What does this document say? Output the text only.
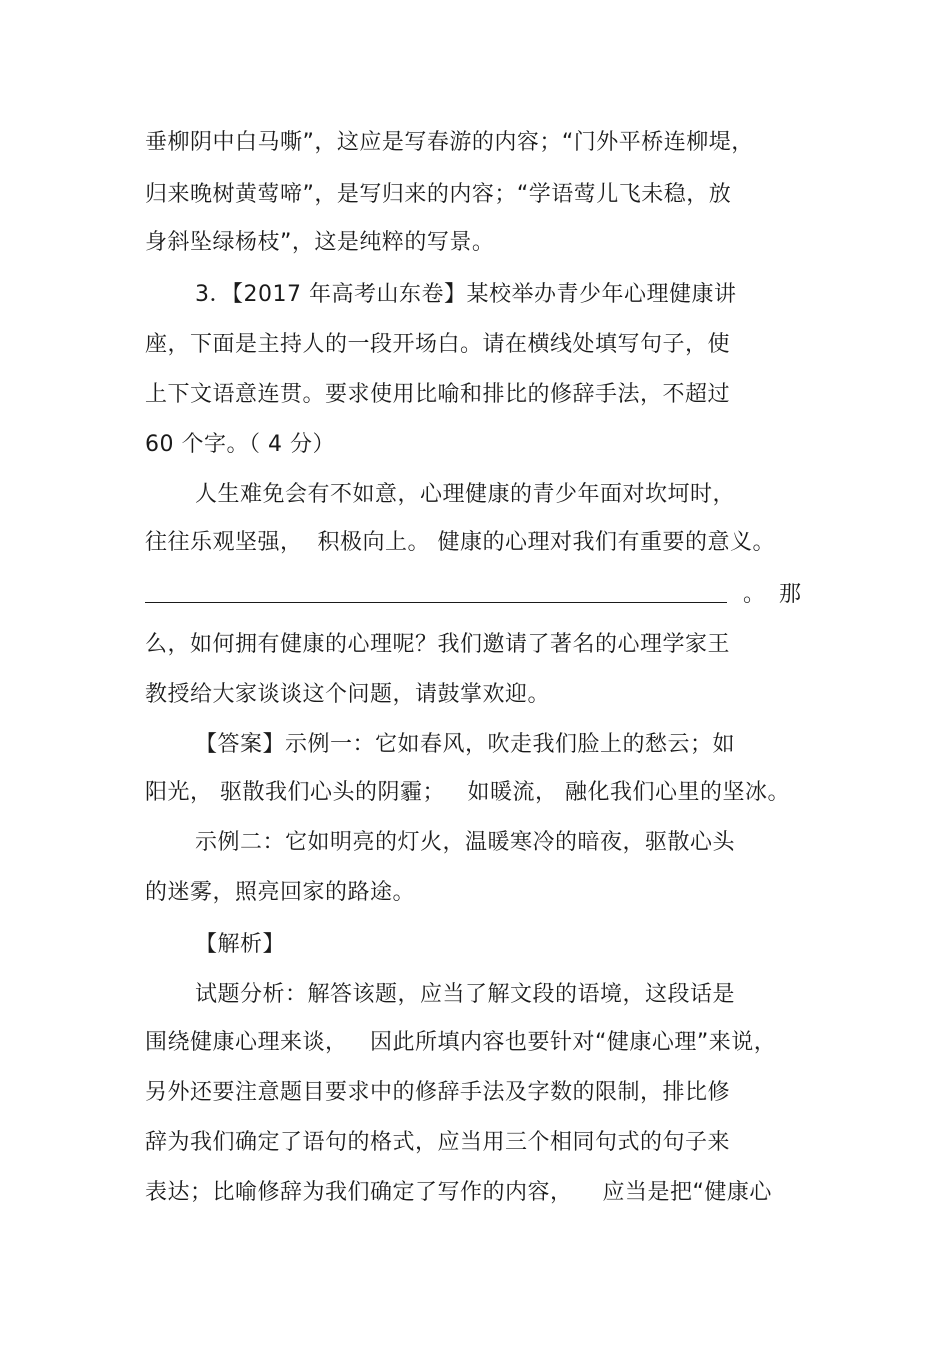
垂柳阴中白马嘶”，这应是写春游的内容；“门外平桥连柳堤，
归来晚树黄莺啼”，是写归来的内容；“学语莺儿飞未稳，放
身斜坠绿杨枝”，这是纯粹的写景。
3．【2017 年高考山东卷】某校举办青少年心理健康讲
座，下面是主持人的一段开场白。请在横线处填写句子，使
上下文语意连贯。要求使用比喻和排比的修辞手法，不超过
60 个字。（ 4 分）
人生难免会有不如意，心理健康的青少年面对坎坷时，
往往乐观坚强，  积极向上。 健康的心理对我们有重要的意义。
。  那
么，如何拥有健康的心理呢？我们邀请了著名的心理学家王
教授给大家谈谈这个问题，请鼓掌欢迎。
【答案】示例一：它如春风，吹走我们脸上的愁云；如
阳光， 驱散我们心头的阴霾；   如暖流， 融化我们心里的坚冰。
示例二：它如明亮的灯火，温暖寒冷的暗夜，驱散心头
的迷雾，照亮回家的路途。
【解析】
试题分析：解答该题，应当了解文段的语境，这段话是
围绕健康心理来谈，   因此所填内容也要针对“健康心理”来说，
另外还要注意题目要求中的修辞手法及字数的限制，排比修
辞为我们确定了语句的格式，应当用三个相同句式的句子来
表达；比喻修辞为我们确定了写作的内容，    应当是把“健康心
